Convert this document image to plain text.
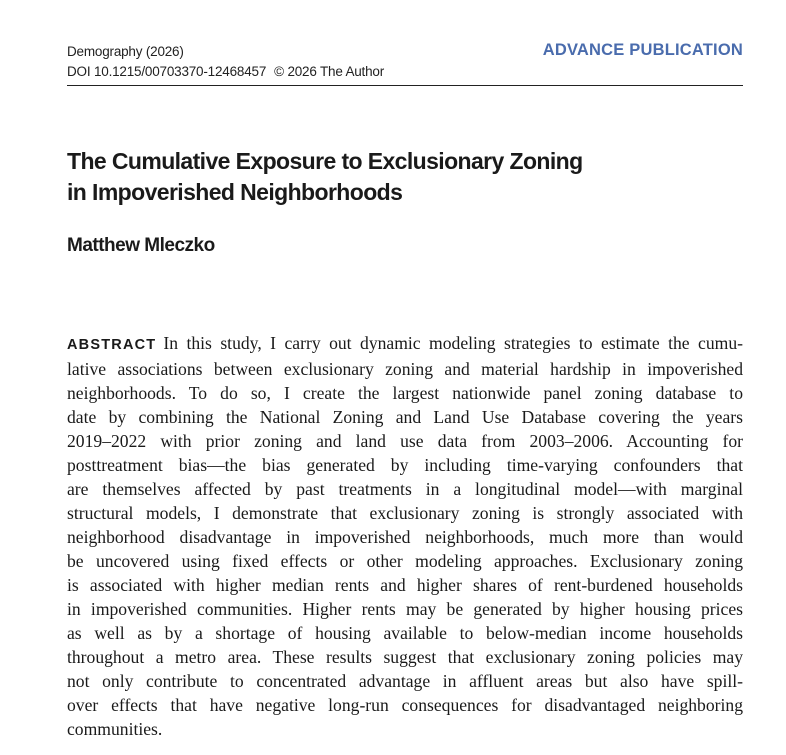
Demography (2026)
DOI 10.1215/00703370-12468457 © 2026 The Author
ADVANCE PUBLICATION
The Cumulative Exposure to Exclusionary Zoning
in Impoverished Neighborhoods
Matthew Mleczko
ABSTRACT In this study, I carry out dynamic modeling strategies to estimate the cumu-
lative associations between exclusionary zoning and material hardship in impoverished
neighborhoods. To do so, I create the largest nationwide panel zoning database to
date by combining the National Zoning and Land Use Database covering the years
2019–2022 with prior zoning and land use data from 2003–2006. Accounting for
posttreatment bias—the bias generated by including time-varying confounders that
are themselves affected by past treatments in a longitudinal model—with marginal
structural models, I demonstrate that exclusionary zoning is strongly associated with
neighborhood disadvantage in impoverished neighborhoods, much more than would
be uncovered using fixed effects or other modeling approaches. Exclusionary zoning
is associated with higher median rents and higher shares of rent-burdened households
in impoverished communities. Higher rents may be generated by higher housing prices
as well as by a shortage of housing available to below-median income households
throughout a metro area. These results suggest that exclusionary zoning policies may
not only contribute to concentrated advantage in affluent areas but also have spill-
over effects that have negative long-run consequences for disadvantaged neighboring
communities.
